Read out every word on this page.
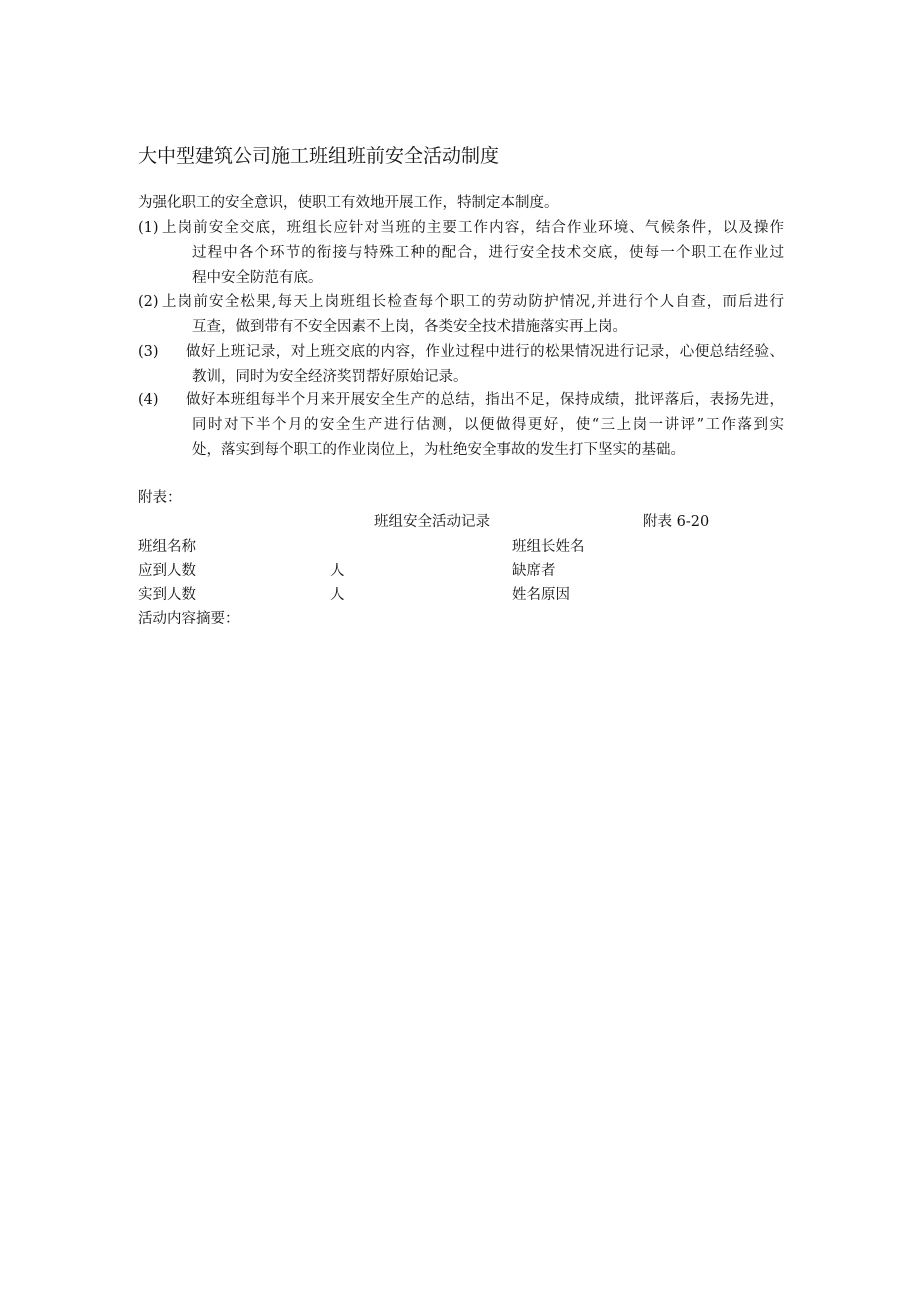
大中型建筑公司施工班组班前安全活动制度
为强化职工的安全意识，使职工有效地开展工作，特制定本制度。
(1) 上岗前安全交底，班组长应针对当班的主要工作内容，结合作业环境、气候条件，以及操作
过程中各个环节的衔接与特殊工种的配合，进行安全技术交底，使每一个职工在作业过
程中安全防范有底。
(2) 上岗前安全松果,每天上岗班组长检查每个职工的劳动防护情况,并进行个人自查，而后进行
互查，做到带有不安全因素不上岗，各类安全技术措施落实再上岗。
(3) 做好上班记录，对上班交底的内容，作业过程中进行的松果情况进行记录，心便总结经验、
教训，同时为安全经济奖罚帮好原始记录。
(4) 做好本班组每半个月来开展安全生产的总结，指出不足，保持成绩，批评落后，表扬先进，
同时对下半个月的安全生产进行估测，以便做得更好，使“三上岗一讲评”工作落到实
处，落实到每个职工的作业岗位上，为杜绝安全事故的发生打下坚实的基础。
附表：
班组安全活动记录	附表 6-20
班组名称	班组长姓名
应到人数	人	缺席者
实到人数	人	姓名原因
活动内容摘要：
